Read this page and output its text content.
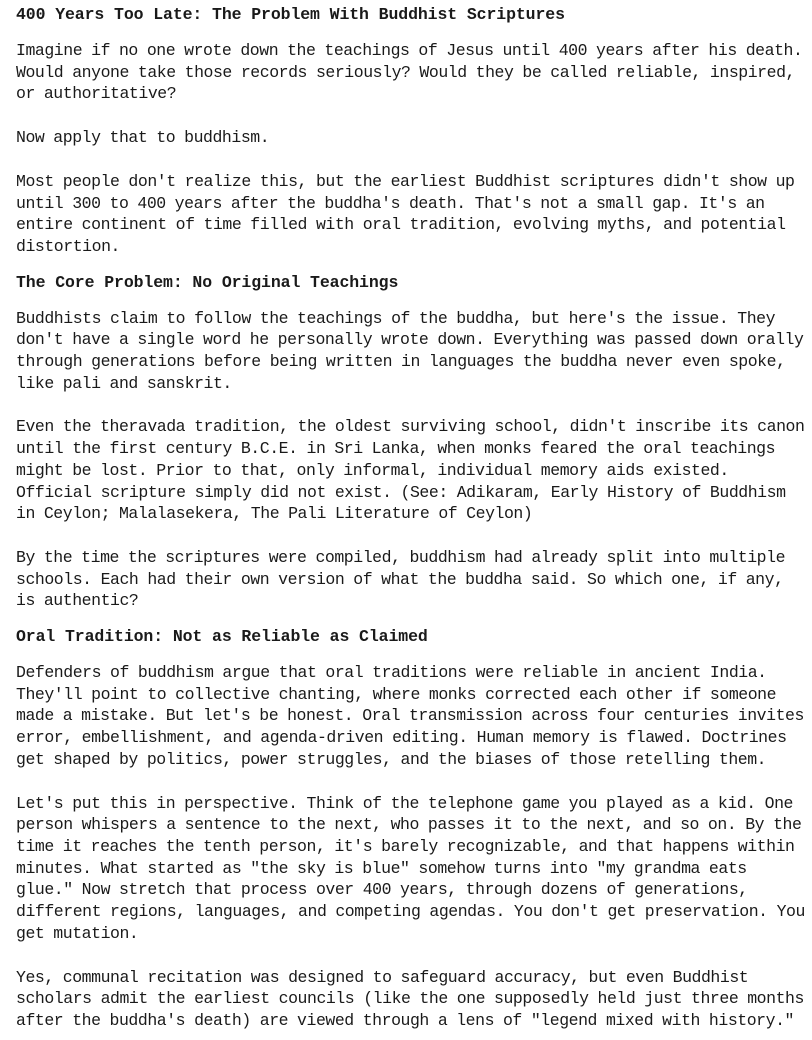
400 Years Too Late: The Problem With Buddhist Scriptures

Imagine if no one wrote down the teachings of Jesus until 400 years after his death. Would anyone take those records seriously? Would they be called reliable, inspired, or authoritative?

Now apply that to buddhism.

Most people don't realize this, but the earliest Buddhist scriptures didn't show up until 300 to 400 years after the buddha's death. That's not a small gap. It's an entire continent of time filled with oral tradition, evolving myths, and potential distortion.

The Core Problem: No Original Teachings

Buddhists claim to follow the teachings of the buddha, but here's the issue. They don't have a single word he personally wrote down. Everything was passed down orally through generations before being written in languages the buddha never even spoke, like pali and sanskrit.

Even the theravada tradition, the oldest surviving school, didn't inscribe its canon until the first century B.C.E. in Sri Lanka, when monks feared the oral teachings might be lost. Prior to that, only informal, individual memory aids existed. Official scripture simply did not exist. (See: Adikaram, Early History of Buddhism in Ceylon; Malalasekera, The Pali Literature of Ceylon)

By the time the scriptures were compiled, buddhism had already split into multiple schools. Each had their own version of what the buddha said. So which one, if any, is authentic?

Oral Tradition: Not as Reliable as Claimed

Defenders of buddhism argue that oral traditions were reliable in ancient India. They'll point to collective chanting, where monks corrected each other if someone made a mistake. But let's be honest. Oral transmission across four centuries invites error, embellishment, and agenda-driven editing. Human memory is flawed. Doctrines get shaped by politics, power struggles, and the biases of those retelling them.

Let's put this in perspective. Think of the telephone game you played as a kid. One person whispers a sentence to the next, who passes it to the next, and so on. By the time it reaches the tenth person, it's barely recognizable, and that happens within minutes. What started as "the sky is blue" somehow turns into "my grandma eats glue." Now stretch that process over 400 years, through dozens of generations, different regions, languages, and competing agendas. You don't get preservation. You get mutation.

Yes, communal recitation was designed to safeguard accuracy, but even Buddhist scholars admit the earliest councils (like the one supposedly held just three months after the buddha's death) are viewed through a lens of "legend mixed with history."
